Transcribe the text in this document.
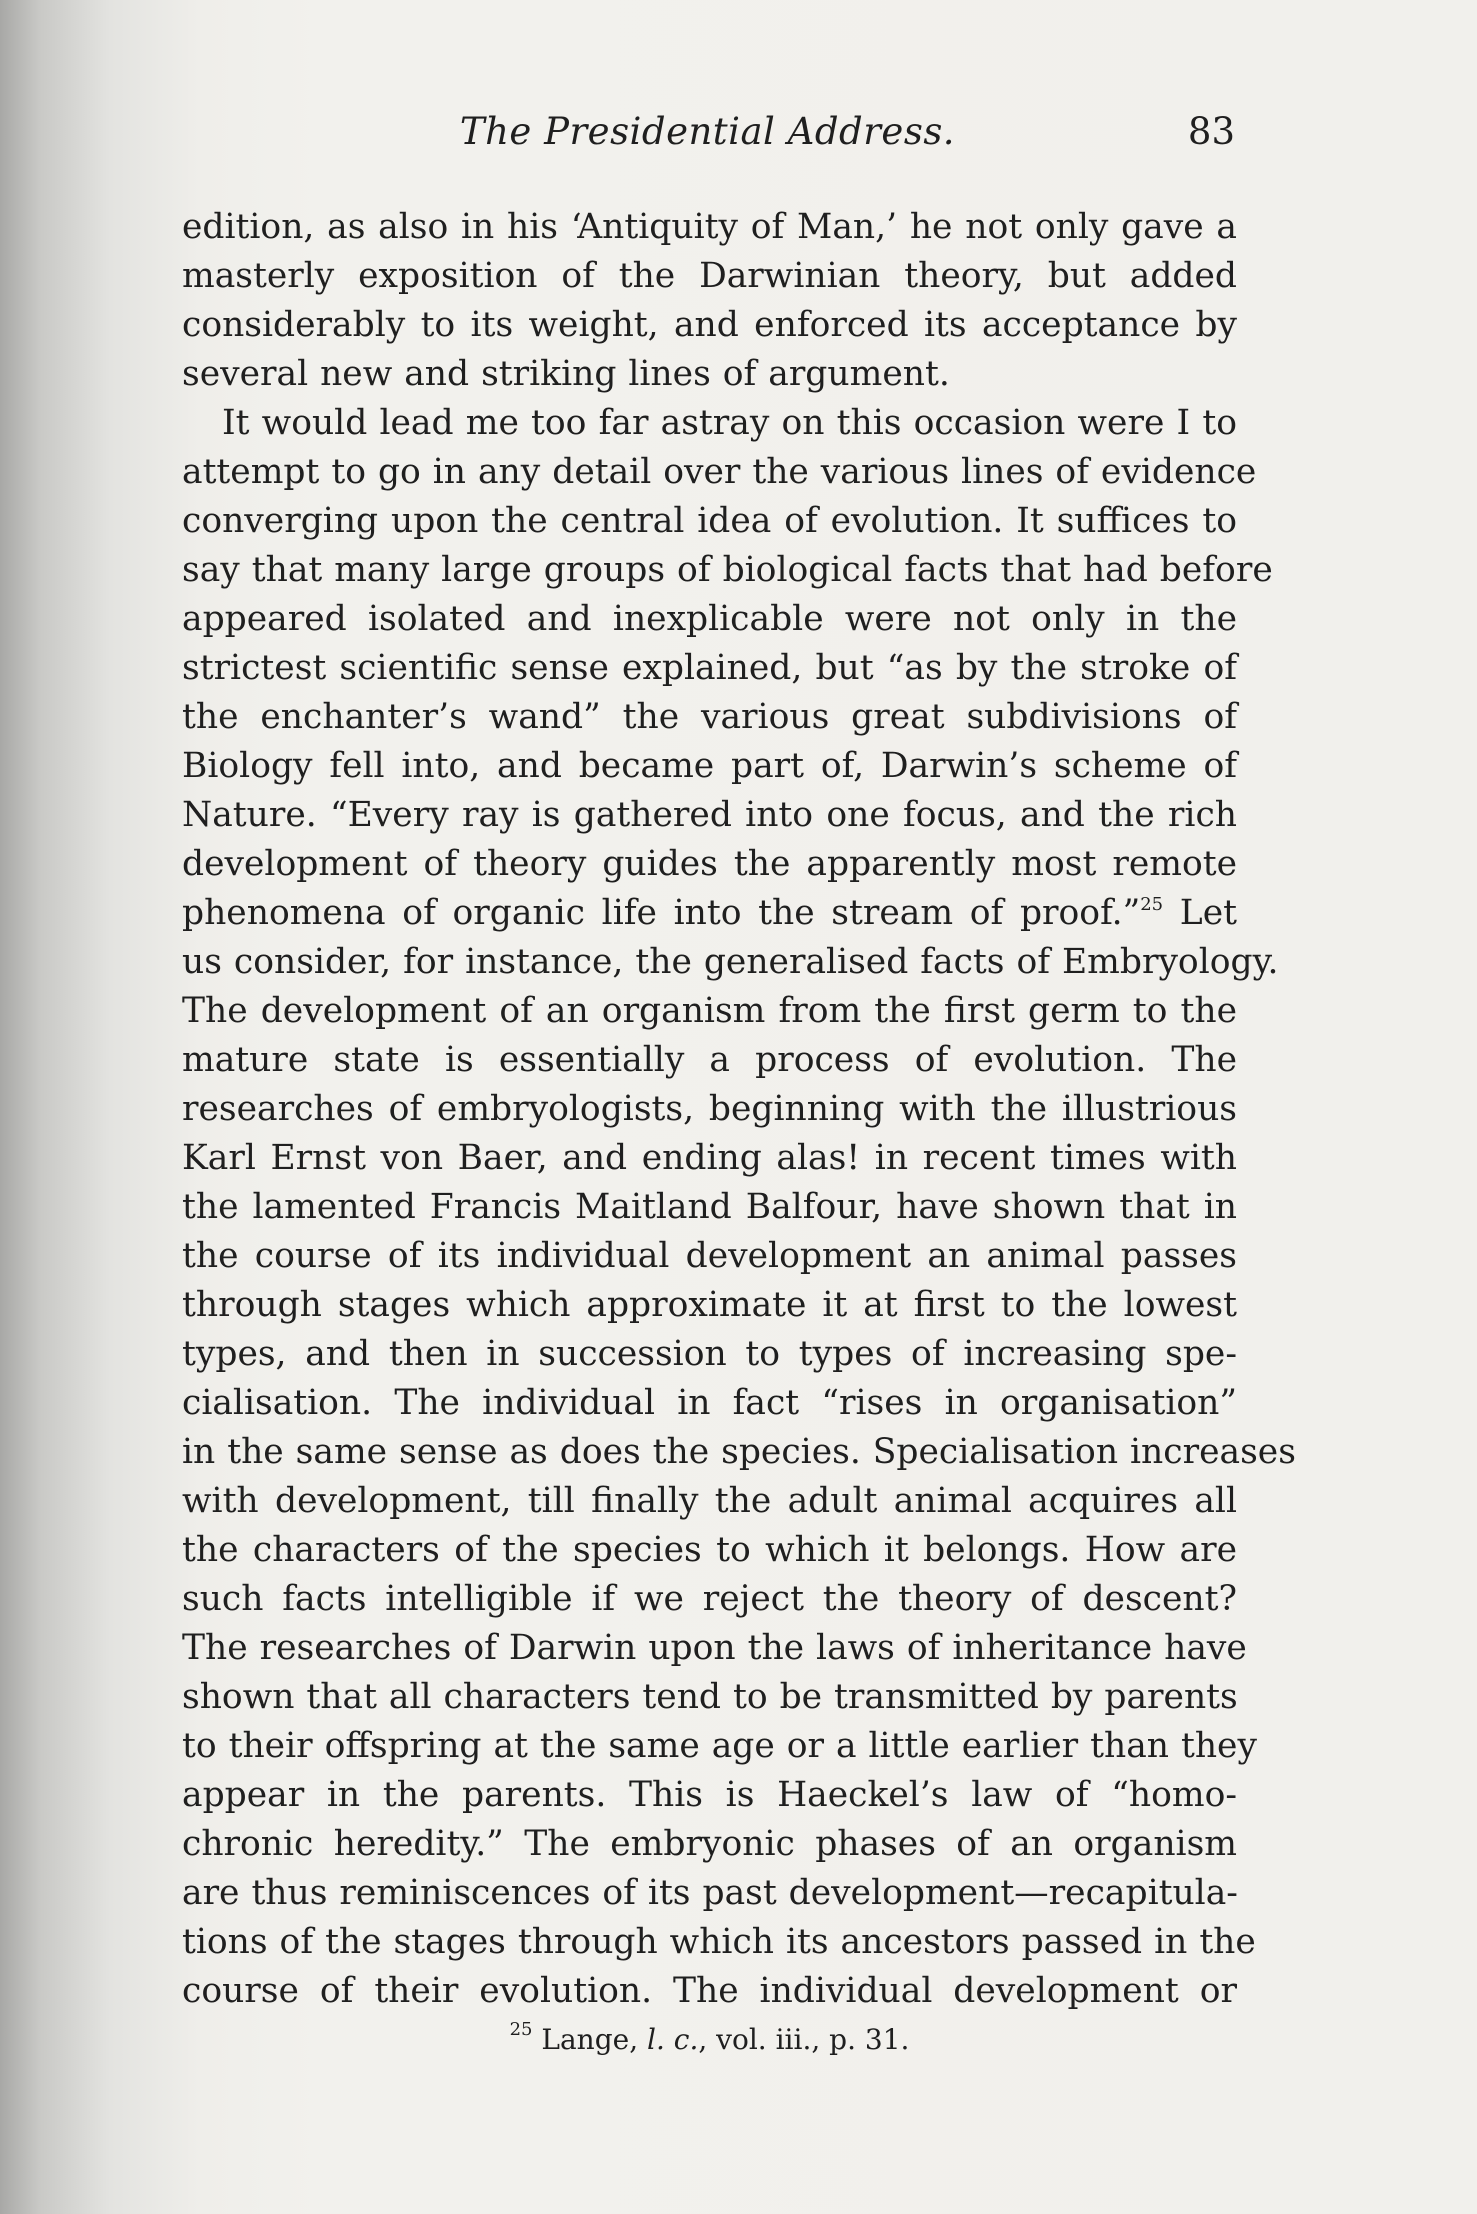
The Presidential Address.	83
edition, as also in his ‘Antiquity of Man,’ he not only gave a
masterly exposition of the Darwinian theory, but added
considerably to its weight, and enforced its acceptance by
several new and striking lines of argument.
It would lead me too far astray on this occasion were I to
attempt to go in any detail over the various lines of evidence
converging upon the central idea of evolution. It suffices to
say that many large groups of biological facts that had before
appeared isolated and inexplicable were not only in the
strictest scientific sense explained, but “as by the stroke of
the enchanter’s wand” the various great subdivisions of
Biology fell into, and became part of, Darwin’s scheme of
Nature. “Every ray is gathered into one focus, and the rich
development of theory guides the apparently most remote
phenomena of organic life into the stream of proof.”$^{25}$ Let
us consider, for instance, the generalised facts of Embryology.
The development of an organism from the first germ to the
mature state is essentially a process of evolution. The
researches of embryologists, beginning with the illustrious
Karl Ernst von Baer, and ending alas! in recent times with
the lamented Francis Maitland Balfour, have shown that in
the course of its individual development an animal passes
through stages which approximate it at first to the lowest
types, and then in succession to types of increasing spe-
cialisation. The individual in fact “rises in organisation”
in the same sense as does the species. Specialisation increases
with development, till finally the adult animal acquires all
the characters of the species to which it belongs. How are
such facts intelligible if we reject the theory of descent?
The researches of Darwin upon the laws of inheritance have
shown that all characters tend to be transmitted by parents
to their offspring at the same age or a little earlier than they
appear in the parents. This is Haeckel’s law of “homo-
chronic heredity.” The embryonic phases of an organism
are thus reminiscences of its past development—recapitula-
tions of the stages through which its ancestors passed in the
course of their evolution. The individual development or
$^{25}$ Lange, l. c., vol. iii., p. 31.
